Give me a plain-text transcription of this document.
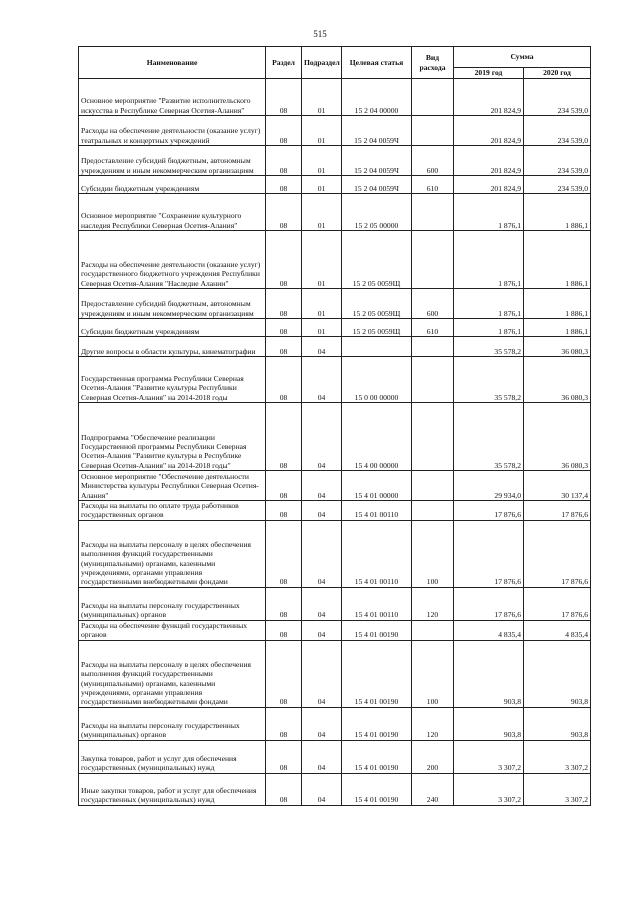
515
Наименование	Раздел	Подраздел	Целевая статья	Вид расхода	Сумма	
					2019 год	2020 год
Основное мероприятие "Развитие исполнительского искусства в Республике Северная Осетия-Алания"	08	01	15 2 04 00000		201 824,9	234 539,0
Расходы на обеспечение деятельности (оказание услуг) театральных и концертных учреждений	08	01	15 2 04 0059Ч		201 824,9	234 539,0
Предоставление субсидий бюджетным, автономным учреждениям и иным некоммерческим организациям	08	01	15 2 04 0059Ч	600	201 824,9	234 539,0
Субсидии бюджетным учреждениям	08	01	15 2 04 0059Ч	610	201 824,9	234 539,0
Основное мероприятие "Сохранение культурного наследия Республики Северная Осетия-Алания"	08	01	15 2 05 00000		1 876,1	1 886,1
Расходы на обеспечение деятельности (оказание услуг) государственного бюджетного учреждения Республики Северная Осетия-Алания "Наследие Алании"	08	01	15 2 05 0059Щ		1 876,1	1 886,1
Предоставление субсидий бюджетным, автономным учреждениям и иным некоммерческим организациям	08	01	15 2 05 0059Щ	600	1 876,1	1 886,1
Субсидии бюджетным учреждениям	08	01	15 2 05 0059Щ	610	1 876,1	1 886,1
Другие вопросы в области культуры, кинематографии	08	04			35 578,2	36 080,3
Государственная программа Республики Северная Осетия-Алания "Развитие культуры Республики Северная Осетия-Алания" на 2014-2018 годы	08	04	15 0 00 00000		35 578,2	36 080,3
Подпрограмма "Обеспечение реализации Государственной программы Республики Северная Осетия-Алания "Развитие культуры в Республике Северная Осетия-Алания" на 2014-2018 годы"	08	04	15 4 00 00000		35 578,2	36 080,3
Основное мероприятие "Обеспечение деятельности Министерства культуры Республики Северная Осетия-Алания"	08	04	15 4 01 00000		29 934,0	30 137,4
Расходы на выплаты по оплате труда работников государственных органов	08	04	15 4 01 00110		17 876,6	17 876,6
Расходы на выплаты персоналу в целях обеспечения выполнения функций государственными (муниципальными) органами, казенными учреждениями, органами управления государственными внебюджетными фондами	08	04	15 4 01 00110	100	17 876,6	17 876,6
Расходы на выплаты персоналу государственных (муниципальных) органов	08	04	15 4 01 00110	120	17 876,6	17 876,6
Расходы на обеспечение функций государственных органов	08	04	15 4 01 00190		4 835,4	4 835,4
Расходы на выплаты персоналу в целях обеспечения выполнения функций государственными (муниципальными) органами, казенными учреждениями, органами управления государственными внебюджетными фондами	08	04	15 4 01 00190	100	903,8	903,8
Расходы на выплаты персоналу государственных (муниципальных) органов	08	04	15 4 01 00190	120	903,8	903,8
Закупка товаров, работ и услуг для обеспечения государственных (муниципальных) нужд	08	04	15 4 01 00190	200	3 307,2	3 307,2
Иные закупки товаров, работ и услуг для обеспечения государственных (муниципальных) нужд	08	04	15 4 01 00190	240	3 307,2	3 307,2
